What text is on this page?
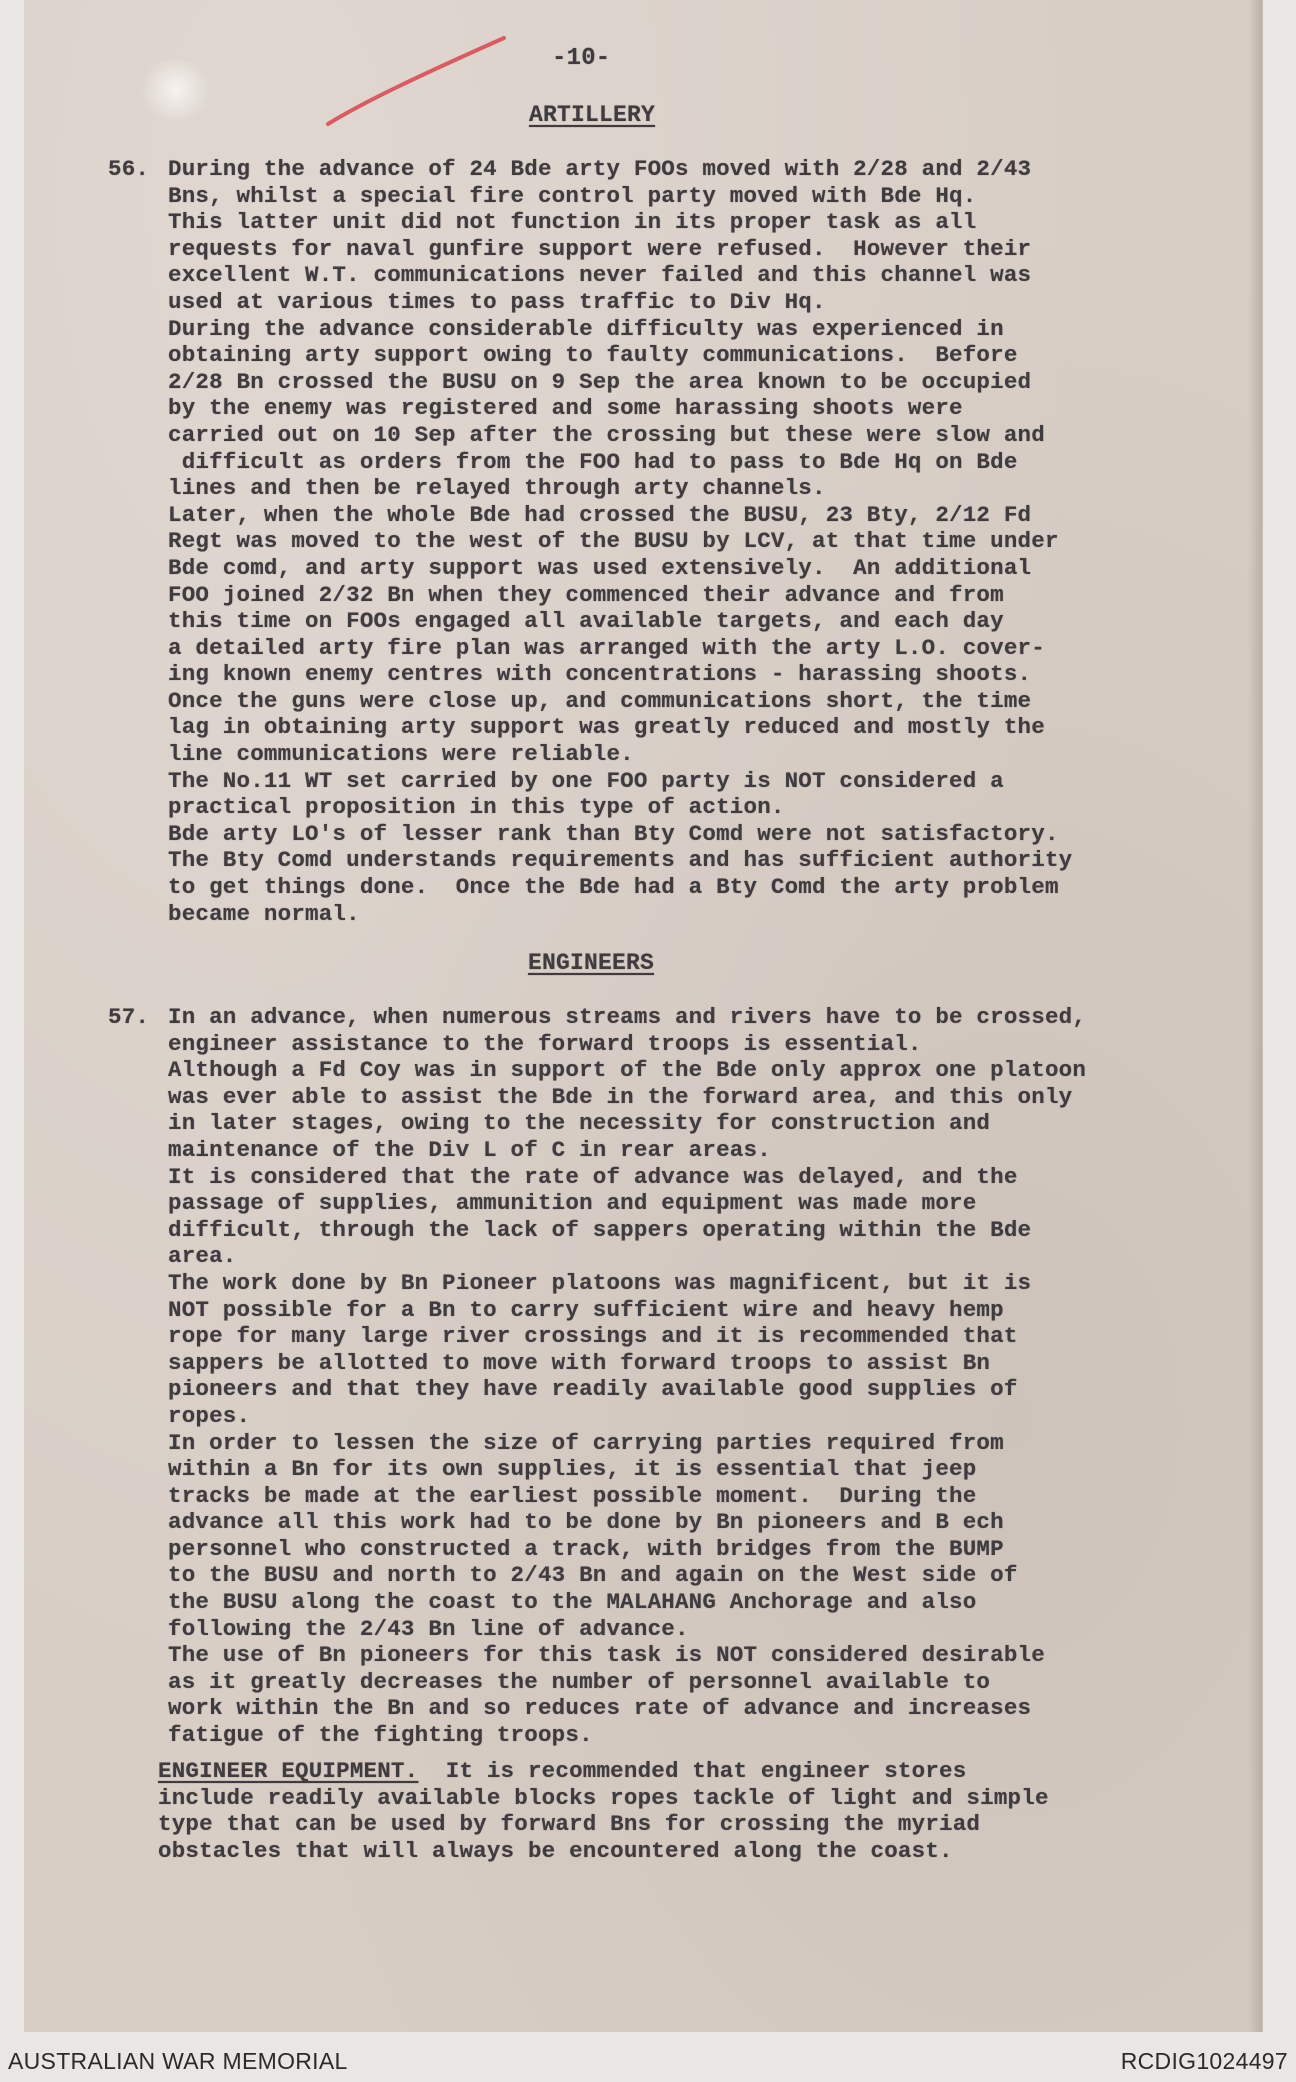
-10-
ARTILLERY
56. During the advance of 24 Bde arty FOOs moved with 2/28 and 2/43
Bns, whilst a special fire control party moved with Bde Hq.
This latter unit did not function in its proper task as all
requests for naval gunfire support were refused.  However their
excellent W.T. communications never failed and this channel was
used at various times to pass traffic to Div Hq.
During the advance considerable difficulty was experienced in
obtaining arty support owing to faulty communications.  Before
2/28 Bn crossed the BUSU on 9 Sep the area known to be occupied
by the enemy was registered and some harassing shoots were
carried out on 10 Sep after the crossing but these were slow and
difficult as orders from the FOO had to pass to Bde Hq on Bde
lines and then be relayed through arty channels.
Later, when the whole Bde had crossed the BUSU, 23 Bty, 2/12 Fd
Regt was moved to the west of the BUSU by LCV, at that time under
Bde comd, and arty support was used extensively.  An additional
FOO joined 2/32 Bn when they commenced their advance and from
this time on FOOs engaged all available targets, and each day
a detailed arty fire plan was arranged with the arty L.O. cover-
ing known enemy centres with concentrations - harassing shoots.
Once the guns were close up, and communications short, the time
lag in obtaining arty support was greatly reduced and mostly the
line communications were reliable.
The No.11 WT set carried by one FOO party is NOT considered a
practical proposition in this type of action.
Bde arty LO's of lesser rank than Bty Comd were not satisfactory.
The Bty Comd understands requirements and has sufficient authority
to get things done.  Once the Bde had a Bty Comd the arty problem
became normal.
ENGINEERS
57. In an advance, when numerous streams and rivers have to be crossed,
engineer assistance to the forward troops is essential.
Although a Fd Coy was in support of the Bde only approx one platoon
was ever able to assist the Bde in the forward area, and this only
in later stages, owing to the necessity for construction and
maintenance of the Div L of C in rear areas.
It is considered that the rate of advance was delayed, and the
passage of supplies, ammunition and equipment was made more
difficult, through the lack of sappers operating within the Bde
area.
The work done by Bn Pioneer platoons was magnificent, but it is
NOT possible for a Bn to carry sufficient wire and heavy hemp
rope for many large river crossings and it is recommended that
sappers be allotted to move with forward troops to assist Bn
pioneers and that they have readily available good supplies of
ropes.
In order to lessen the size of carrying parties required from
within a Bn for its own supplies, it is essential that jeep
tracks be made at the earliest possible moment.  During the
advance all this work had to be done by Bn pioneers and B ech
personnel who constructed a track, with bridges from the BUMP
to the BUSU and north to 2/43 Bn and again on the West side of
the BUSU along the coast to the MALAHANG Anchorage and also
following the 2/43 Bn line of advance.
The use of Bn pioneers for this task is NOT considered desirable
as it greatly decreases the number of personnel available to
work within the Bn and so reduces rate of advance and increases
fatigue of the fighting troops.
ENGINEER EQUIPMENT.  It is recommended that engineer stores
include readily available blocks ropes tackle of light and simple
type that can be used by forward Bns for crossing the myriad
obstacles that will always be encountered along the coast.
AUSTRALIAN WAR MEMORIAL	RCDIG1024497
